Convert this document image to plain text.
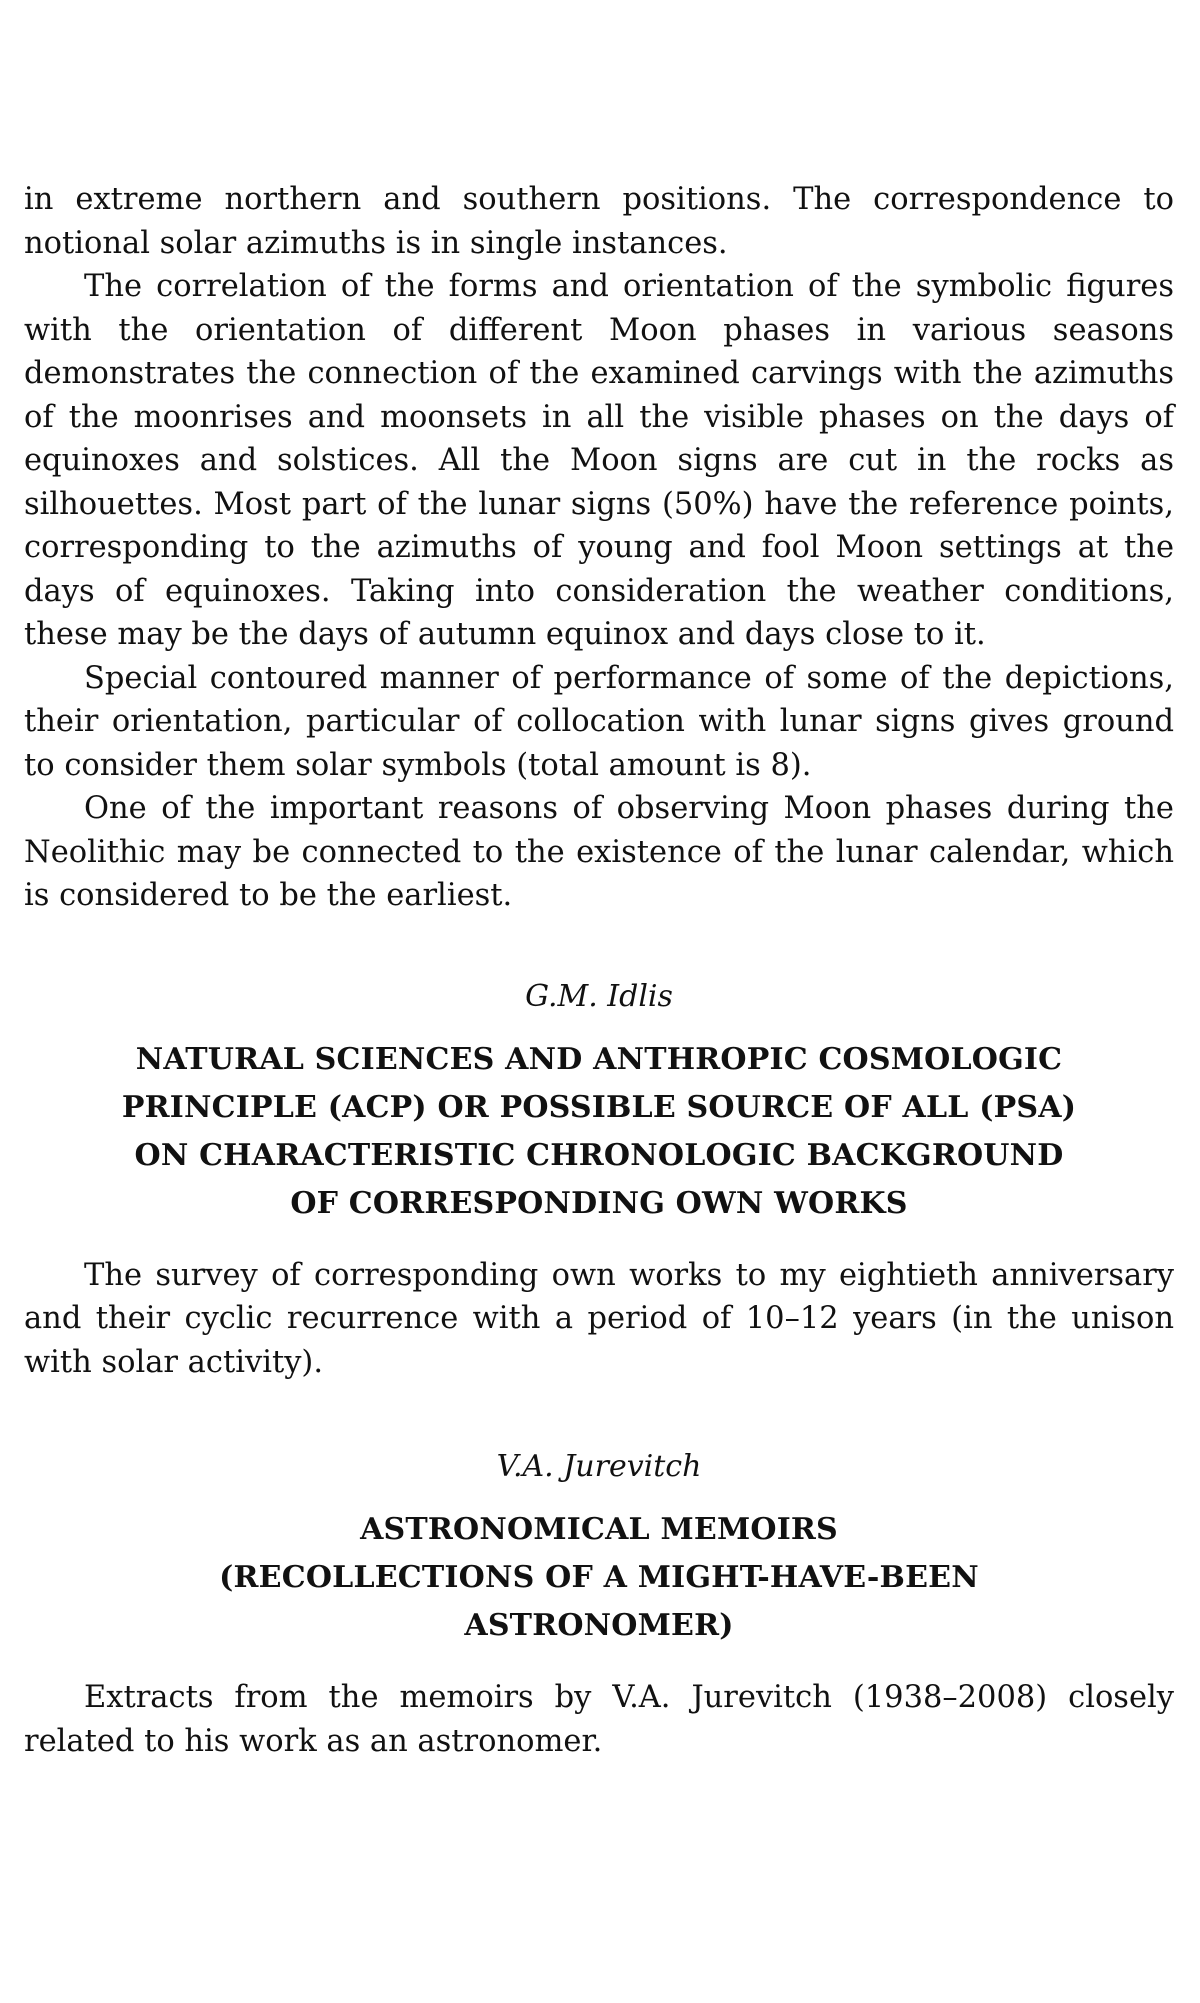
in extreme northern and southern positions. The correspondence to notional solar azimuths is in single instances.

The correlation of the forms and orientation of the symbolic figures with the orientation of different Moon phases in various seasons demonstrates the connection of the examined carvings with the azimuths of the moonrises and moonsets in all the visible phases on the days of equinoxes and solstices. All the Moon signs are cut in the rocks as silhouettes. Most part of the lunar signs (50%) have the reference points, corresponding to the azimuths of young and fool Moon settings at the days of equinoxes. Taking into consideration the weather conditions, these may be the days of autumn equinox and days close to it.

Special contoured manner of performance of some of the depictions, their orientation, particular of collocation with lunar signs gives ground to consider them solar symbols (total amount is 8).

One of the important reasons of observing Moon phases during the Neolithic may be connected to the existence of the lunar calendar, which is considered to be the earliest.

G.M. Idlis

NATURAL SCIENCES AND ANTHROPIC COSMOLOGIC
PRINCIPLE (ACP) OR POSSIBLE SOURCE OF ALL (PSA)
ON CHARACTERISTIC CHRONOLOGIC BACKGROUND
OF CORRESPONDING OWN WORKS

The survey of corresponding own works to my eightieth anniversary and their cyclic recurrence with a period of 10–12 years (in the unison with solar activity).

V.A. Jurevitch

ASTRONOMICAL MEMOIRS
(RECOLLECTIONS OF A MIGHT-HAVE-BEEN
ASTRONOMER)

Extracts from the memoirs by V.A. Jurevitch (1938–2008) closely related to his work as an astronomer.
